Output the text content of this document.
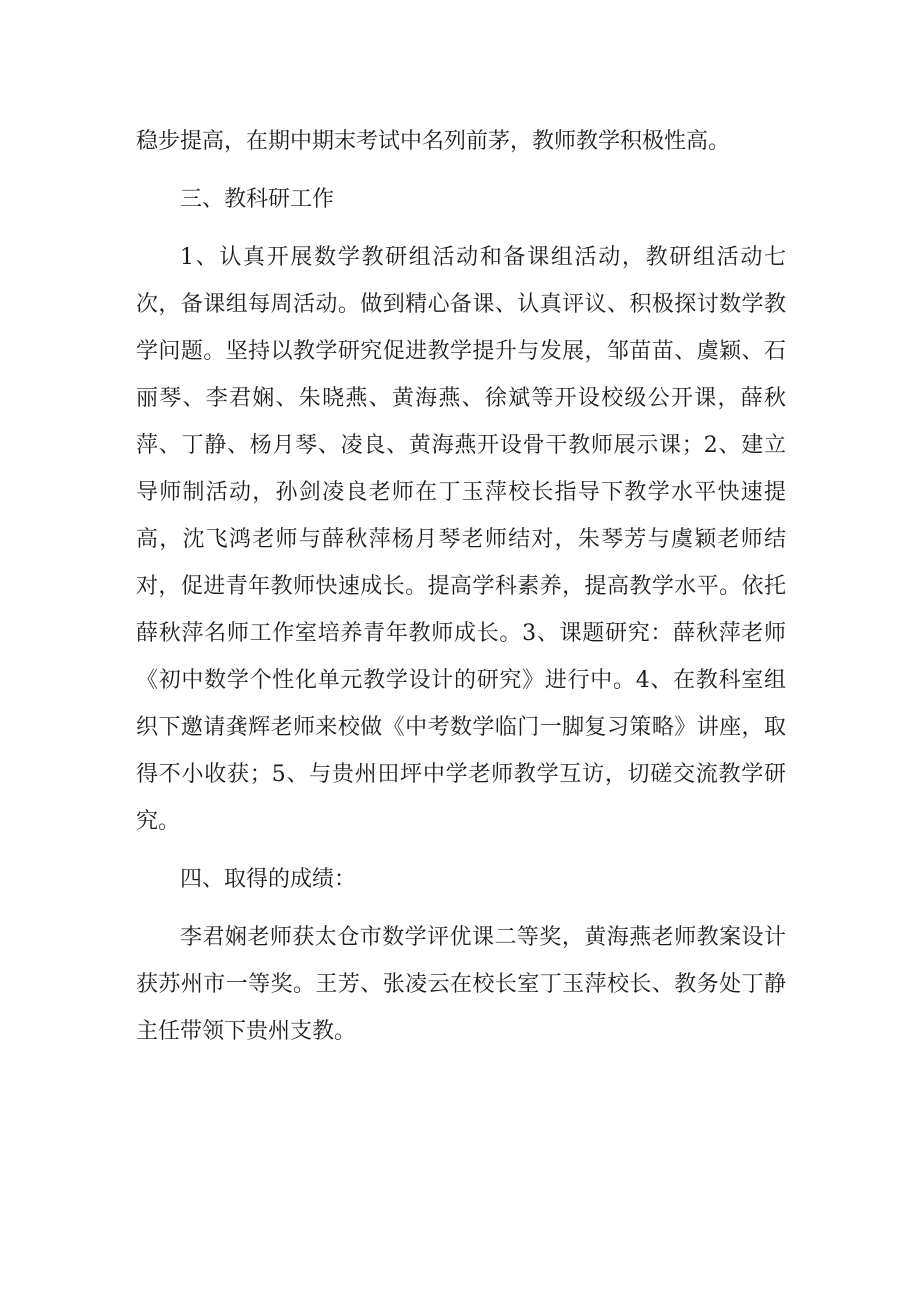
稳步提高，在期中期末考试中名列前茅，教师教学积极性高。

三、教科研工作

1、认真开展数学教研组活动和备课组活动，教研组活动七次，备课组每周活动。做到精心备课、认真评议、积极探讨数学教学问题。坚持以教学研究促进教学提升与发展，邹苗苗、虞颖、石丽琴、李君娴、朱晓燕、黄海燕、徐斌等开设校级公开课，薛秋萍、丁静、杨月琴、凌良、黄海燕开设骨干教师展示课；2、建立导师制活动，孙剑凌良老师在丁玉萍校长指导下教学水平快速提高，沈飞鸿老师与薛秋萍杨月琴老师结对，朱琴芳与虞颖老师结对，促进青年教师快速成长。提高学科素养，提高教学水平。依托薛秋萍名师工作室培养青年教师成长。3、课题研究：薛秋萍老师《初中数学个性化单元教学设计的研究》进行中。4、在教科室组织下邀请龚辉老师来校做《中考数学临门一脚复习策略》讲座，取得不小收获；5、与贵州田坪中学老师教学互访，切磋交流教学研究。

四、取得的成绩：

李君娴老师获太仓市数学评优课二等奖，黄海燕老师教案设计获苏州市一等奖。王芳、张凌云在校长室丁玉萍校长、教务处丁静主任带领下贵州支教。
